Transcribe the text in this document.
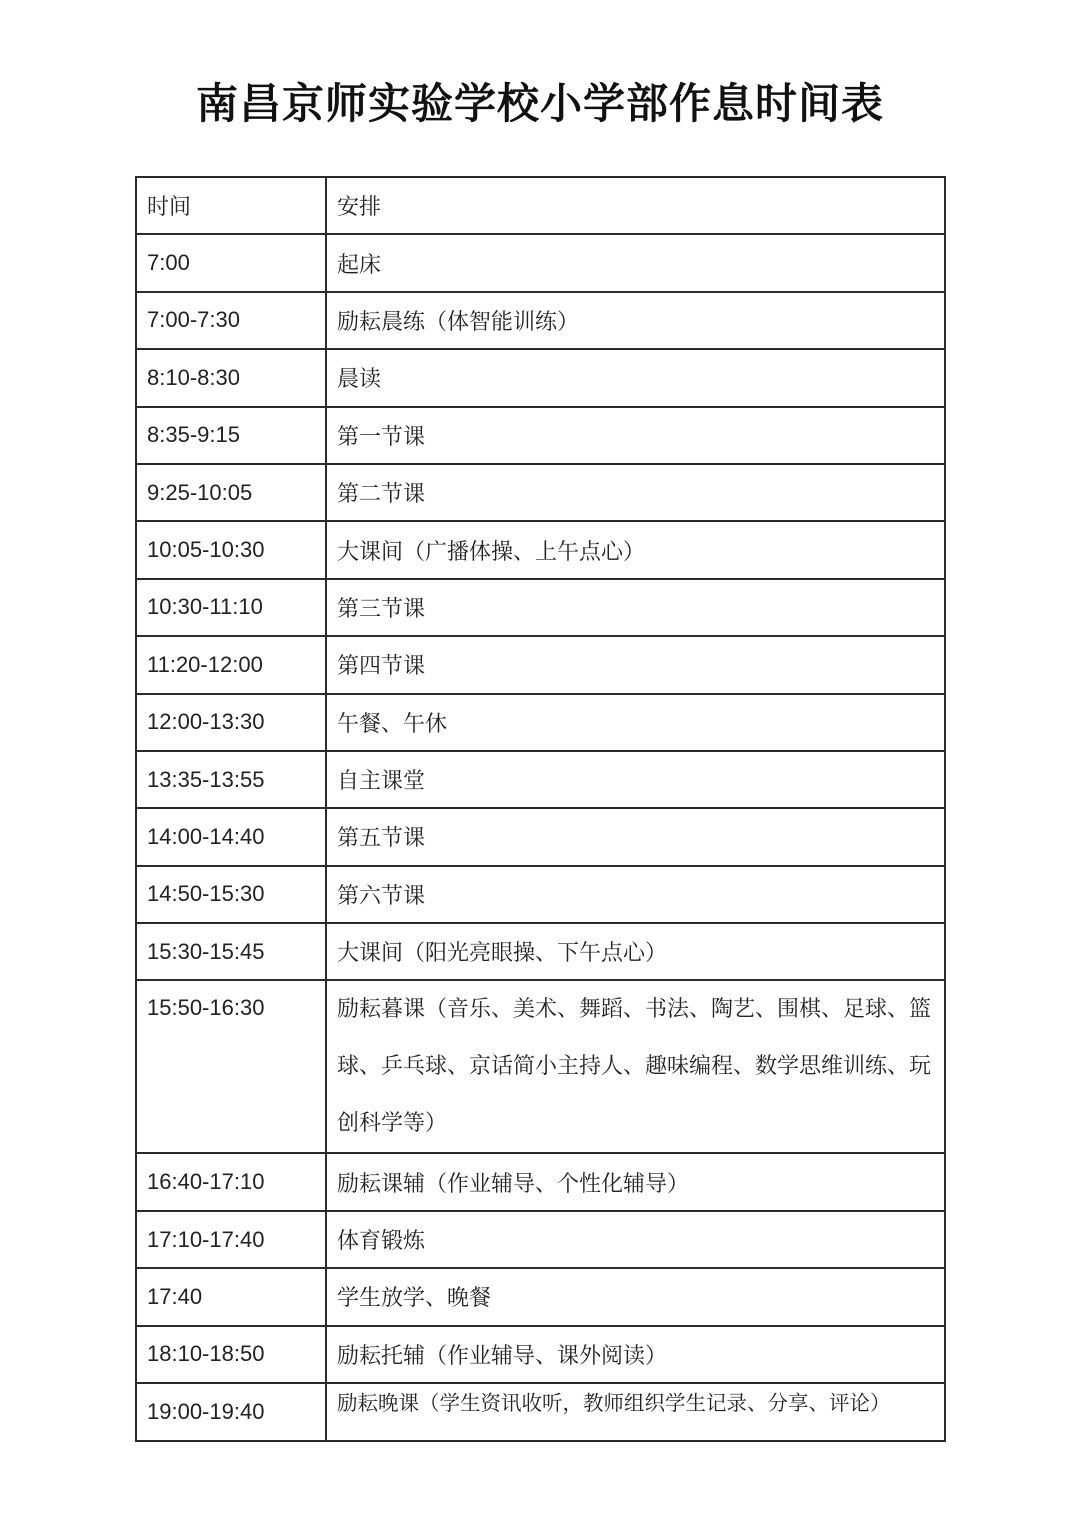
南昌京师实验学校小学部作息时间表
时间	安排
7:00	起床
7:00-7:30	励耘晨练（体智能训练）
8:10-8:30	晨读
8:35-9:15	第一节课
9:25-10:05	第二节课
10:05-10:30	大课间（广播体操、上午点心）
10:30-11:10	第三节课
11:20-12:00	第四节课
12:00-13:30	午餐、午休
13:35-13:55	自主课堂
14:00-14:40	第五节课
14:50-15:30	第六节课
15:30-15:45	大课间（阳光亮眼操、下午点心）
15:50-16:30	励耘暮课（音乐、美术、舞蹈、书法、陶艺、围棋、足球、篮球、乒乓球、京话简小主持人、趣味编程、数学思维训练、玩创科学等）

16:40-17:10	励耘课辅（作业辅导、个性化辅导）
17:10-17:40	体育锻炼
17:40	学生放学、晚餐
18:10-18:50	励耘托辅（作业辅导、课外阅读）
19:00-19:40	励耘晚课（学生资讯收听，教师组织学生记录、分享、评论）
